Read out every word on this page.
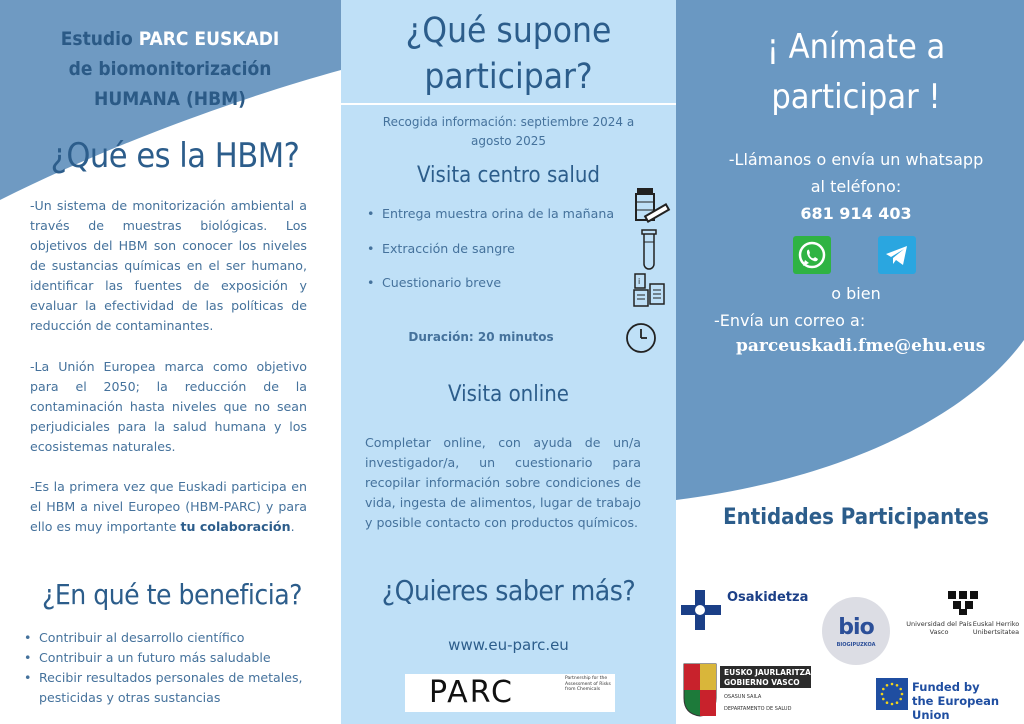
Estudio PARC EUSKADI
de biomonitorización
HUMANA (HBM)
¿Qué es la HBM?

-Un sistema de monitorización ambiental a través de muestras biológicas. Los objetivos del HBM son conocer los niveles de sustancias químicas en el ser humano, identificar las fuentes de exposición y evaluar la efectividad de las políticas de reducción de contaminantes.

-La Unión Europea marca como objetivo para el 2050; la reducción de la contaminación hasta niveles que no sean perjudiciales para la salud humana y los ecosistemas naturales.

-Es la primera vez que Euskadi participa en el HBM a nivel Europeo (HBM-PARC) y para ello es muy importante tu colaboración.

¿En qué te beneficia?
• Contribuir al desarrollo científico
• Contribuir a un futuro más saludable
• Recibir resultados personales de metales, pesticidas y otras sustancias
¿Qué supone
participar?
Recogida información: septiembre 2024 a agosto 2025
Visita centro salud
• Entrega muestra orina de la mañana
• Extracción de sangre
• Cuestionario breve	i
Duración: 20 minutos
Visita online

Completar online, con ayuda de un/a investigador/a, un cuestionario para recopilar información sobre condiciones de vida, ingesta de alimentos, lugar de trabajo y posible contacto con productos químicos.

¿Quieres saber más?
www.eu-parc.eu
PARC	Partnership for the Assessment of Risks from Chemicals
¡ Anímate a
participar !
-Llámanos o envía un whatsapp
al teléfono:
681 914 403
o bien
-Envía un correo a:
parceuskadi.fme@ehu.eus
Entidades Participantes
Osakidetza
bio
BIOGIPUZKOA
Universidad del País Vasco
Euskal Herriko Unibertsitatea
EUSKO JAURLARITZA
GOBIERNO VASCO
OSASUN SAILA
DEPARTAMENTO DE SALUD
Funded by
the European Union
